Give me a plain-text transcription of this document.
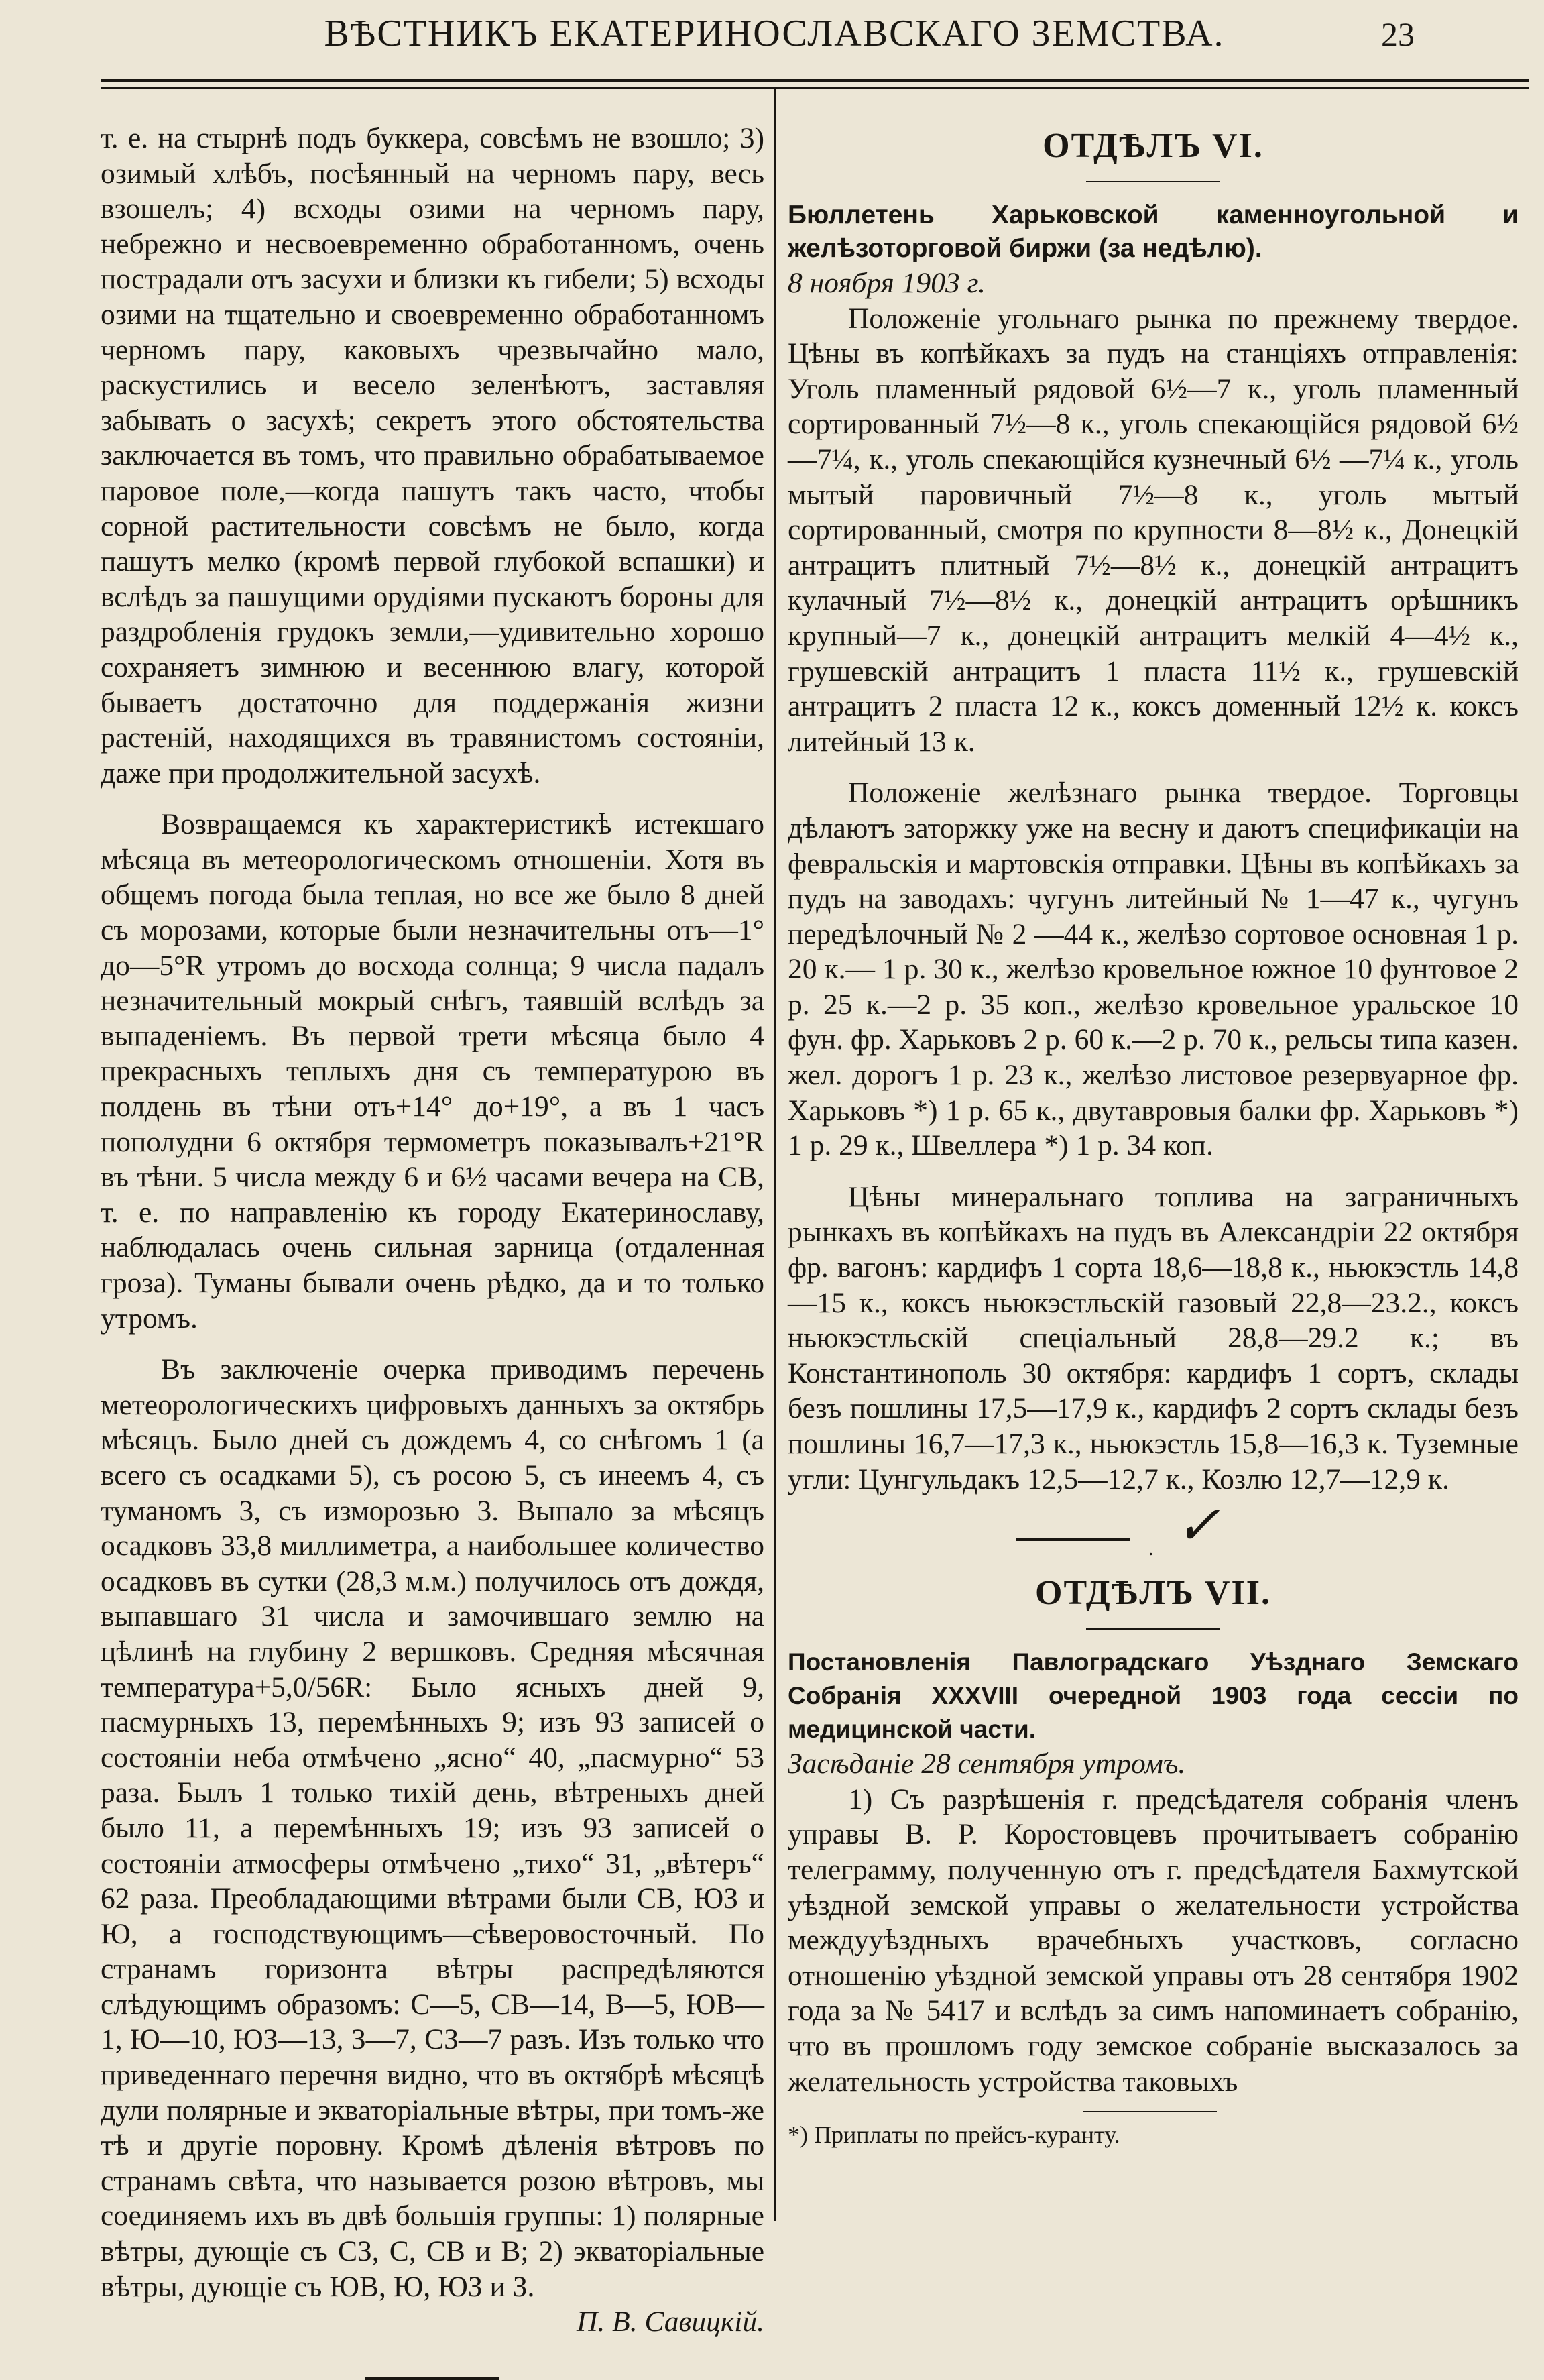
ВѢСТНИКЪ ЕКАТЕРИНОСЛАВСКАГО ЗЕМСТВА.	23

т. е. на стырнѣ подъ буккера, совсѣмъ не взошло; 3) озимый хлѣбъ, посѣянный на черномъ пару, весь взошелъ; 4) всходы озими на черномъ пару, небрежно и несвоевременно обработанномъ, очень пострадали отъ засухи и близки къ гибели; 5) всходы озими на тщательно и своевременно обработанномъ черномъ пару, каковыхъ чрезвычайно мало, раскустились и весело зеленѣютъ, заставляя забывать о засухѣ; секретъ этого обстоятельства заключается въ томъ, что правильно обрабатываемое паровое поле,—когда пашутъ такъ часто, чтобы сорной растительности совсѣмъ не было, когда пашутъ мелко (кромѣ первой глубокой вспашки) и вслѣдъ за пашущими орудіями пускаютъ бороны для раздробленія грудокъ земли,—удивительно хорошо сохраняетъ зимнюю и весеннюю влагу, которой бываетъ достаточно для поддержанія жизни растеній, находящихся въ травянистомъ состояніи, даже при продолжительной засухѣ.

Возвращаемся къ характеристикѣ истекшаго мѣсяца въ метеорологическомъ отношеніи. Хотя въ общемъ погода была теплая, но все же было 8 дней съ морозами, которые были незначительны отъ—1° до—5°R утромъ до восхода солнца; 9 числа падалъ незначительный мокрый снѣгъ, таявшій вслѣдъ за выпаденіемъ. Въ первой трети мѣсяца было 4 прекрасныхъ теплыхъ дня съ температурою въ полдень въ тѣни отъ+14° до+19°, а въ 1 часъ пополудни 6 октября термометръ показывалъ+21°R въ тѣни. 5 числа между 6 и 6½ часами вечера на СВ, т. е. по направленію къ городу Екатеринославу, наблюдалась очень сильная зарница (отдаленная гроза). Туманы бывали очень рѣдко, да и то только утромъ.

Въ заключеніе очерка приводимъ перечень метеорологическихъ цифровыхъ данныхъ за октябрь мѣсяцъ. Было дней съ дождемъ 4, со снѣгомъ 1 (а всего съ осадками 5), съ росою 5, съ инеемъ 4, съ туманомъ 3, съ изморозью 3. Выпало за мѣсяцъ осадковъ 33,8 миллиметра, а наибольшее количество осадковъ въ сутки (28,3 м.м.) получилось отъ дождя, выпавшаго 31 числа и замочившаго землю на цѣлинѣ на глубину 2 вершковъ. Средняя мѣсячная температура+5,0/56R: Было ясныхъ дней 9, пасмурныхъ 13, перемѣнныхъ 9; изъ 93 записей о состояніи неба отмѣчено „ясно“ 40, „пасмурно“ 53 раза. Былъ 1 только тихій день, вѣтреныхъ дней было 11, а перемѣнныхъ 19; изъ 93 записей о состояніи атмосферы отмѣчено „тихо“ 31, „вѣтеръ“ 62 раза. Преобладающими вѣтрами были СВ, ЮЗ и Ю, а господствующимъ—сѣверовосточный. По странамъ горизонта вѣтры распредѣляются слѣдующимъ образомъ: С—5, СВ—14, В—5, ЮВ—1, Ю—10, ЮЗ—13, З—7, СЗ—7 разъ. Изъ только что приведеннаго перечня видно, что въ октябрѣ мѣсяцѣ дули полярные и экваторіальные вѣтры, при томъ-же тѣ и другіе поровну. Кромѣ дѣленія вѣтровъ по странамъ свѣта, что называется розою вѣтровъ, мы соединяемъ ихъ въ двѣ большія группы: 1) полярные вѣтры, дующіе съ СЗ, С, СВ и В; 2) экваторіальные вѣтры, дующіе съ ЮВ, Ю, ЮЗ и З.

П. В. Савицкій.
ОТДѢЛЪ VI.

Бюллетень Харьковской каменноугольной и желѣзоторговой биржи (за недѣлю).

8 ноября 1903 г.

Положеніе угольнаго рынка по прежнему твердое. Цѣны въ копѣйкахъ за пудъ на станціяхъ отправленія: Уголь пламенный рядовой 6½—7 к., уголь пламенный сортированный 7½—8 к., уголь спекающійся рядовой 6½—7¼, к., уголь спекающійся кузнечный 6½ —7¼ к., уголь мытый паровичный 7½—8 к., уголь мытый сортированный, смотря по крупности 8—8½ к., Донецкій антрацитъ плитный 7½—8½ к., донецкій антрацитъ кулачный 7½—8½ к., донецкій антрацитъ орѣшникъ крупный—7 к., донецкій антрацитъ мелкій 4—4½ к., грушевскій антрацитъ 1 пласта 11½ к., грушевскій антрацитъ 2 пласта 12 к., коксъ доменный 12½ к. коксъ литейный 13 к.

Положеніе желѣзнаго рынка твердое. Торговцы дѣлаютъ заторжку уже на весну и даютъ спецификаціи на февральскія и мартовскія отправки. Цѣны въ копѣйкахъ за пудъ на заводахъ: чугунъ литейный № 1—47 к., чугунъ передѣлочный № 2 —44 к., желѣзо сортовое основная 1 р. 20 к.— 1 р. 30 к., желѣзо кровельное южное 10 фунтовое 2 р. 25 к.—2 р. 35 коп., желѣзо кровельное уральское 10 фун. фр. Харьковъ 2 р. 60 к.—2 р. 70 к., рельсы типа казен. жел. дорогъ 1 р. 23 к., желѣзо листовое резервуарное фр. Харьковъ *) 1 р. 65 к., двутавровыя балки фр. Харьковъ *) 1 р. 29 к., Швеллера *) 1 р. 34 коп.

Цѣны минеральнаго топлива на заграничныхъ рынкахъ въ копѣйкахъ на пудъ въ Александріи 22 октября фр. вагонъ: кардифъ 1 сорта 18,6—18,8 к., ньюкэстль 14,8—15 к., коксъ ньюкэстльскій газовый 22,8—23.2., коксъ ньюкэстльскій спеціальный 28,8—29.2 к.; въ Константинополь 30 октября: кардифъ 1 сортъ, склады безъ пошлины 17,5—17,9 к., кардифъ 2 сортъ склады безъ пошлины 16,7—17,3 к., ньюкэстль 15,8—16,3 к. Туземные угли: Цунгульдакъ 12,5—12,7 к., Козлю 12,7—12,9 к.

. ✓
ОТДѢЛЪ VII.

Постановленія Павлоградскаго Уѣзднаго Земскаго Собранія XXXVIII очередной 1903 года сессіи по медицинской части.

Засѣданіе 28 сентября утромъ.

1) Съ разрѣшенія г. предсѣдателя собранія членъ управы В. Р. Коростовцевъ прочитываетъ собранію телеграмму, полученную отъ г. предсѣдателя Бахмутской уѣздной земской управы о желательности устройства междууѣздныхъ врачебныхъ участковъ, согласно отношенію уѣздной земской управы отъ 28 сентября 1902 года за № 5417 и вслѣдъ за симъ напоминаетъ собранію, что въ прошломъ году земское собраніе высказалось за желательность устройства таковыхъ

*) Приплаты по прейсъ-куранту.
